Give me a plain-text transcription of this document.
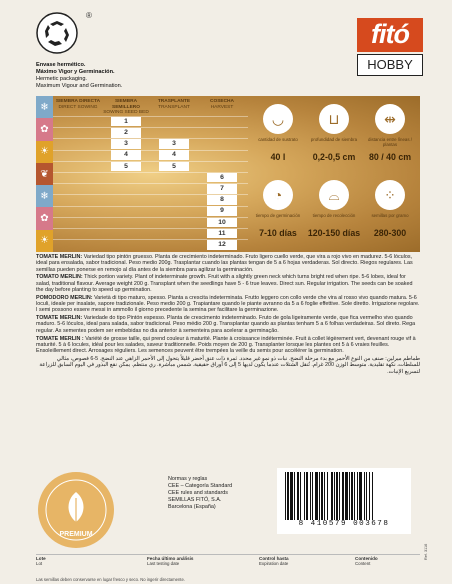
®
Envase hermético.
Máximo Vigor y Germinación.
Hermetic packaging.
Maximum Vigour and Germination.
fitó
HOBBY
❄
✿
☀
❦
❄
✿
☀
SIEMBRA DIRECTA
DIRECT SOWING
SIEMBRA SEMILLERO
SOWING SEED BED
TRASPLANTE
TRANSPLANT
COSECHA
HARVEST
1
2
3
4
5
3
4
5
6
7
8
9
10
11
12
◡
cantidad de sustrato
40 l
⊔
profundidad de siembra
0,2-0,5 cm
⇹
distancia entre líneas / plantas
80 / 40 cm
◔
tiempo de germinación
7-10 días
⌓
tiempo de recolección
120-150 días
⁘
semillas por gramo
280-300

TOMATE MERLIN: Variedad tipo pintón gruesso. Planta de crecimiento indeterminado. Fruto ligero cuello verde, que vira a rojo vivo en madurez. 5-6 lóculos, ideal para ensalada, sabor tradicional. Peso medio 200g. Trasplantar cuando las plantas tengan de 5 a 6 hojas verdaderas. Sol directo. Riegos regulares. Las semillas pueden ponerse en remojo al día antes de la siembra para agilizar la germinación.

TOMATO MERLIN: Thick portion variety. Plant of indeterminate growth. Fruit with a slightly green neck which turns bright red when ripe. 5-6 lobes, ideal for salad, traditional flavour. Average weight 200 g. Transplant when the seedlings have 5 - 6 true leaves. Direct sun. Regular irrigation. The seeds can be soaked the day before planting to speed up germination.

POMODORO MERLIN: Varietà di tipo maturo, spesso. Pianta a crescita indeterminata. Frutto leggero con collo verde che vira al rosso vivo quando matura. 5-6 loculi, ideale per insalate, sapore tradizionale. Peso medio 200 g. Trapiantare quando le piante avranno da 5 a 6 foglie effettive. Sole diretto. Irrigazione regolare. I semi possono essere messi in ammollo il giorno precedente la semina per facilitare la germinazione.

TOMATE MERLIN: Variedade do tipo Pintón espesso. Planta de crescimento indeterminado. Fruto de gola ligeiramente verde, que fica vermelho vivo quando maduro. 5-6 lóculos, ideal para salada, sabor tradicional. Peso médio 200 g. Transplantar quando as plantas tenham 5 a 6 folhas verdadeiras. Sol direto. Rega regular. As sementes podem ser embebidas no dia anterior à sementeira para acelerar a germinação.

TOMATE MERLIN : Variété de grosse taille, qui prend couleur à maturité. Plante à croissance indéterminée. Fruit à collet légèrement vert, devenant rouge vif à maturité. 5 à 6 locules, idéal pour les salades, saveur traditionnelle. Poids moyen de 200 g. Transplanter lorsque les plantes ont 5 à 6 vraies feuilles. Ensoleillement direct. Arrosages réguliers. Les semences peuvent être trempées la veille du semis pour accélérer la germination.

طماطم ميرلين: صنف من النوع الأحمر مع بدء مرحلة النضج. نبات ذو نمو غير محدد. ثمرة ذات عنق أخضر قليلاً يتحول إلى الأحمر الزاهي عند النضج. 5-6 فصوص، مثالي للسلطات، نكهة تقليدية. متوسط الوزن 200 غرام. تُنقل الشتلات عندما يكون لديها 5 إلى 6 أوراق حقيقية. شمس مباشرة. ري منتظم. يمكن نقع البذور في اليوم السابق للزراعة لتسريع الإنبات.

PREMIUM
Normas y reglas
CEE – Categoría Standard
CEE rules and standards
SEMILLAS FITÓ, S.A.
Barcelona (España)
8 410579 003678
Ref. 3116
Lote
Lot
Fecha último análisis
Last testing date
Control hasta
Expiration date
Contenido
Content
Las semillas deben conservarse en lugar fresco y seco. No ingerir directamente.
